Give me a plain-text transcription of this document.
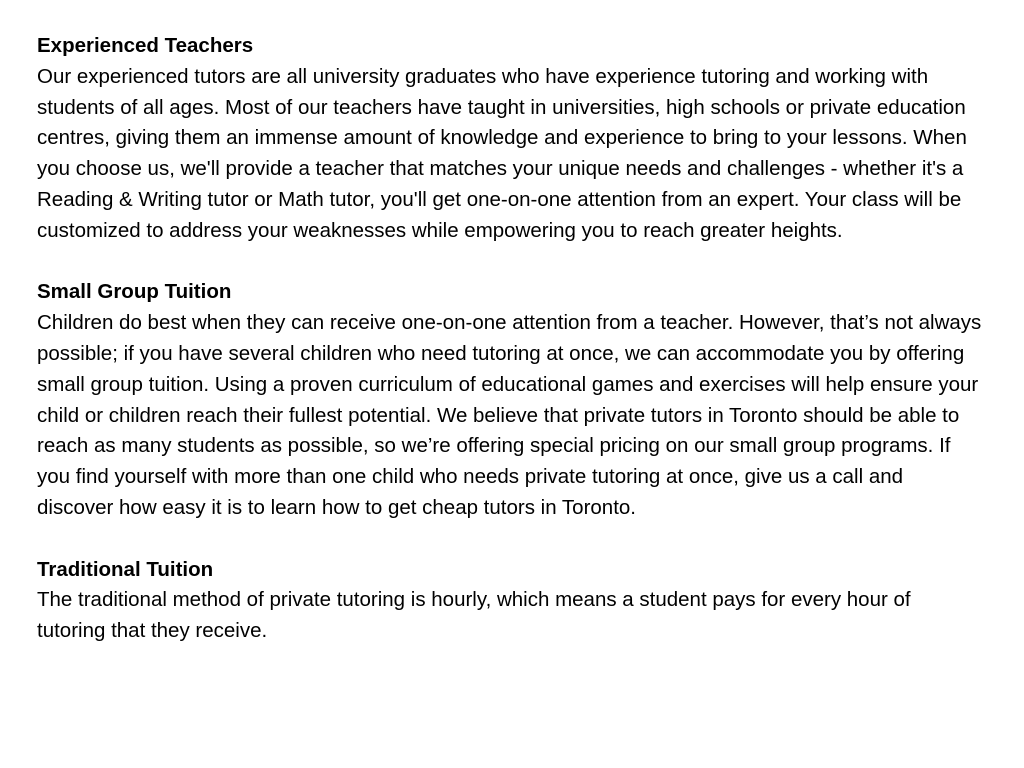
Experienced Teachers

Our experienced tutors are all university graduates who have experience tutoring and working with students of all ages. Most of our teachers have taught in universities, high schools or private education centres, giving them an immense amount of knowledge and experience to bring to your lessons. When you choose us, we'll provide a teacher that matches your unique needs and challenges - whether it's a Reading & Writing tutor or Math tutor, you'll get one-on-one attention from an expert. Your class will be customized to address your weaknesses while empowering you to reach greater heights.

Small Group Tuition

Children do best when they can receive one-on-one attention from a teacher. However, that’s not always possible; if you have several children who need tutoring at once, we can accommodate you by offering small group tuition. Using a proven curriculum of educational games and exercises will help ensure your child or children reach their fullest potential. We believe that private tutors in Toronto should be able to reach as many students as possible, so we’re offering special pricing on our small group programs. If you find yourself with more than one child who needs private tutoring at once, give us a call and discover how easy it is to learn how to get cheap tutors in Toronto.

Traditional Tuition

The traditional method of private tutoring is hourly, which means a student pays for every hour of tutoring that they receive.
